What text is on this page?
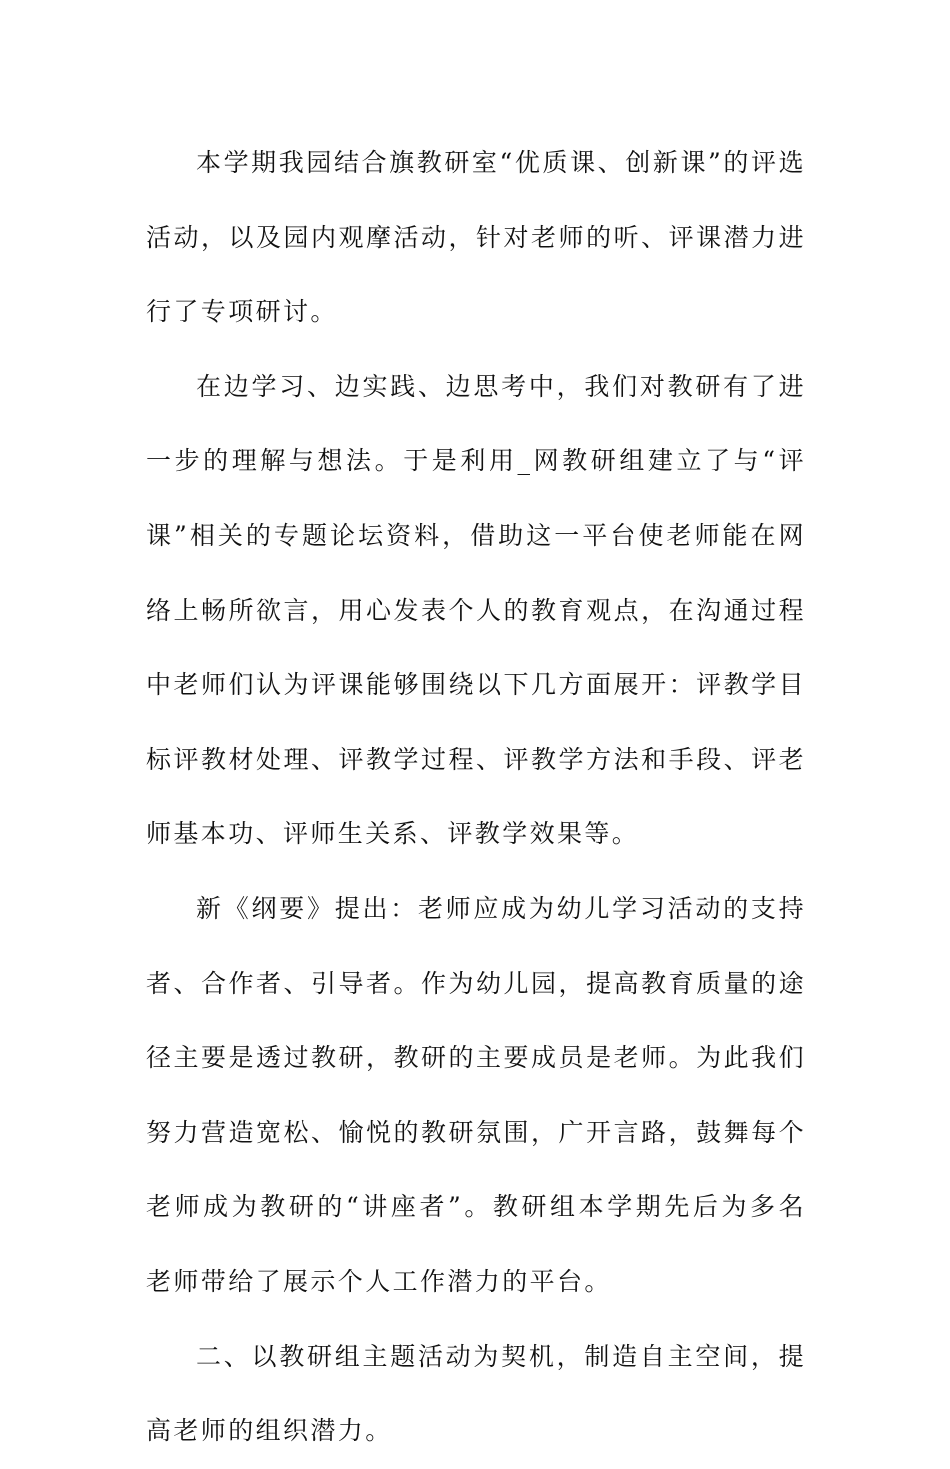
本学期我园结合旗教研室“优质课、创新课”的评选活动，以及园内观摩活动，针对老师的听、评课潜力进行了专项研讨。

在边学习、边实践、边思考中，我们对教研有了进一步的理解与想法。于是利用_网教研组建立了与“评课”相关的专题论坛资料，借助这一平台使老师能在网络上畅所欲言，用心发表个人的教育观点，在沟通过程中老师们认为评课能够围绕以下几方面展开：评教学目标评教材处理、评教学过程、评教学方法和手段、评老师基本功、评师生关系、评教学效果等。

新《纲要》提出：老师应成为幼儿学习活动的支持者、合作者、引导者。作为幼儿园，提高教育质量的途径主要是透过教研，教研的主要成员是老师。为此我们努力营造宽松、愉悦的教研氛围，广开言路，鼓舞每个老师成为教研的“讲座者”。教研组本学期先后为多名老师带给了展示个人工作潜力的平台。

二、以教研组主题活动为契机，制造自主空间，提高老师的组织潜力。
